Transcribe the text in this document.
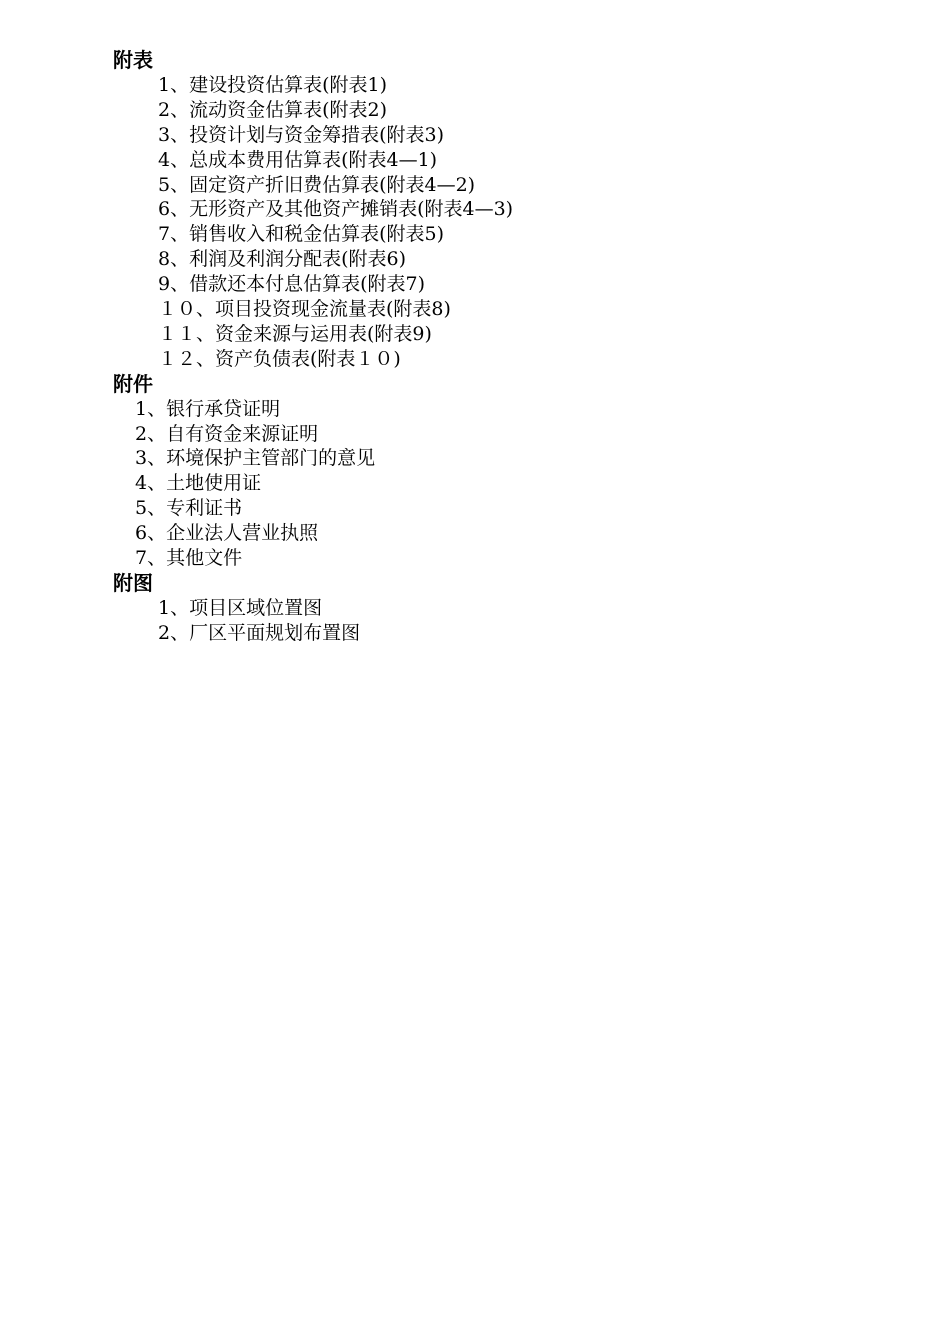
附表
1、建设投资估算表(附表1)
2、流动资金估算表(附表2)
3、投资计划与资金筹措表(附表3)
4、总成本费用估算表(附表4—1)
5、固定资产折旧费估算表(附表4—2)
6、无形资产及其他资产摊销表(附表4—3)
7、销售收入和税金估算表(附表5)
8、利润及利润分配表(附表6)
9、借款还本付息估算表(附表7)
１０、项目投资现金流量表(附表8)
１１、资金来源与运用表(附表9)
１２、资产负债表(附表１０)
附件
1、银行承贷证明
2、自有资金来源证明
3、环境保护主管部门的意见
4、土地使用证
5、专利证书
6、企业法人营业执照
7、其他文件
附图
1、项目区域位置图
2、厂区平面规划布置图
